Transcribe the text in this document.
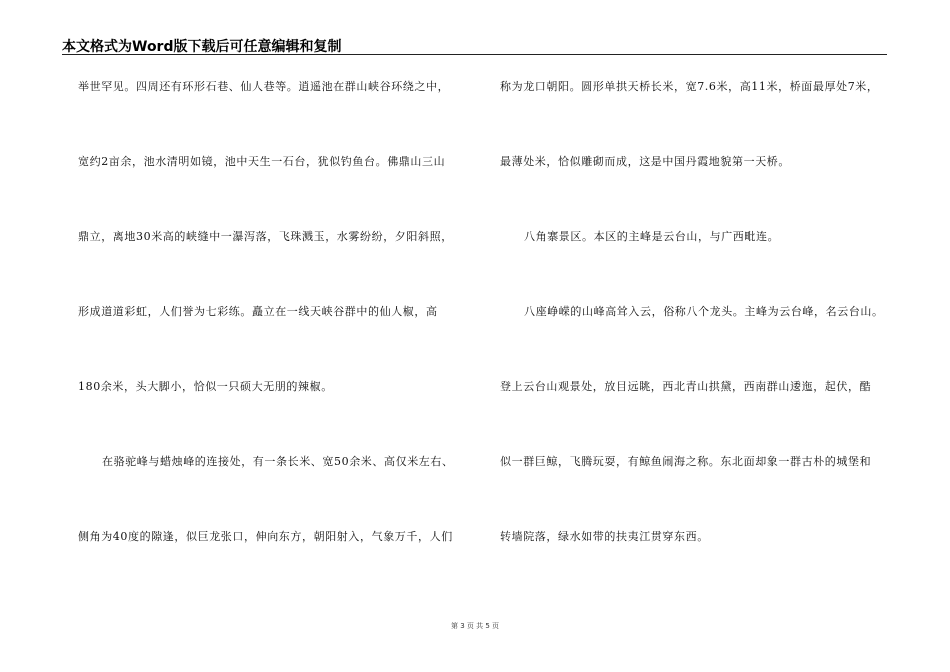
本文格式为Word版下载后可任意编辑和复制
举世罕见。四周还有环形石巷、仙人巷等。逍遥池在群山峡谷环绕之中，
宽约2亩余，池水清明如镜，池中天生一石台，犹似钓鱼台。佛鼎山三山
鼎立，离地30米高的峡缝中一瀑泻落，飞珠溅玉，水雾纷纷，夕阳斜照，
形成道道彩虹，人们誉为七彩练。矗立在一线天峡谷群中的仙人椒，高
180余米，头大脚小，恰似一只硕大无朋的辣椒。
在骆驼峰与蜡烛峰的连接处，有一条长米、宽50余米、高仅米左右、
侧角为40度的隙逢，似巨龙张口，伸向东方，朝阳射入，气象万千，人们
称为龙口朝阳。圆形单拱天桥长米，宽7.6米，高11米，桥面最厚处7米，
最薄处米，恰似雕砌而成，这是中国丹霞地貌第一天桥。
八角寨景区。本区的主峰是云台山，与广西毗连。
八座峥嵘的山峰高耸入云，俗称八个龙头。主峰为云台峰，名云台山。
登上云台山观景处，放目远眺，西北青山拱黛，西南群山逶迤，起伏，酷
似一群巨鲸，飞腾玩耍，有鲸鱼闹海之称。东北面却象一群古朴的城堡和
转墙院落，绿水如带的扶夷江贯穿东西。
第 3 页 共 5 页
